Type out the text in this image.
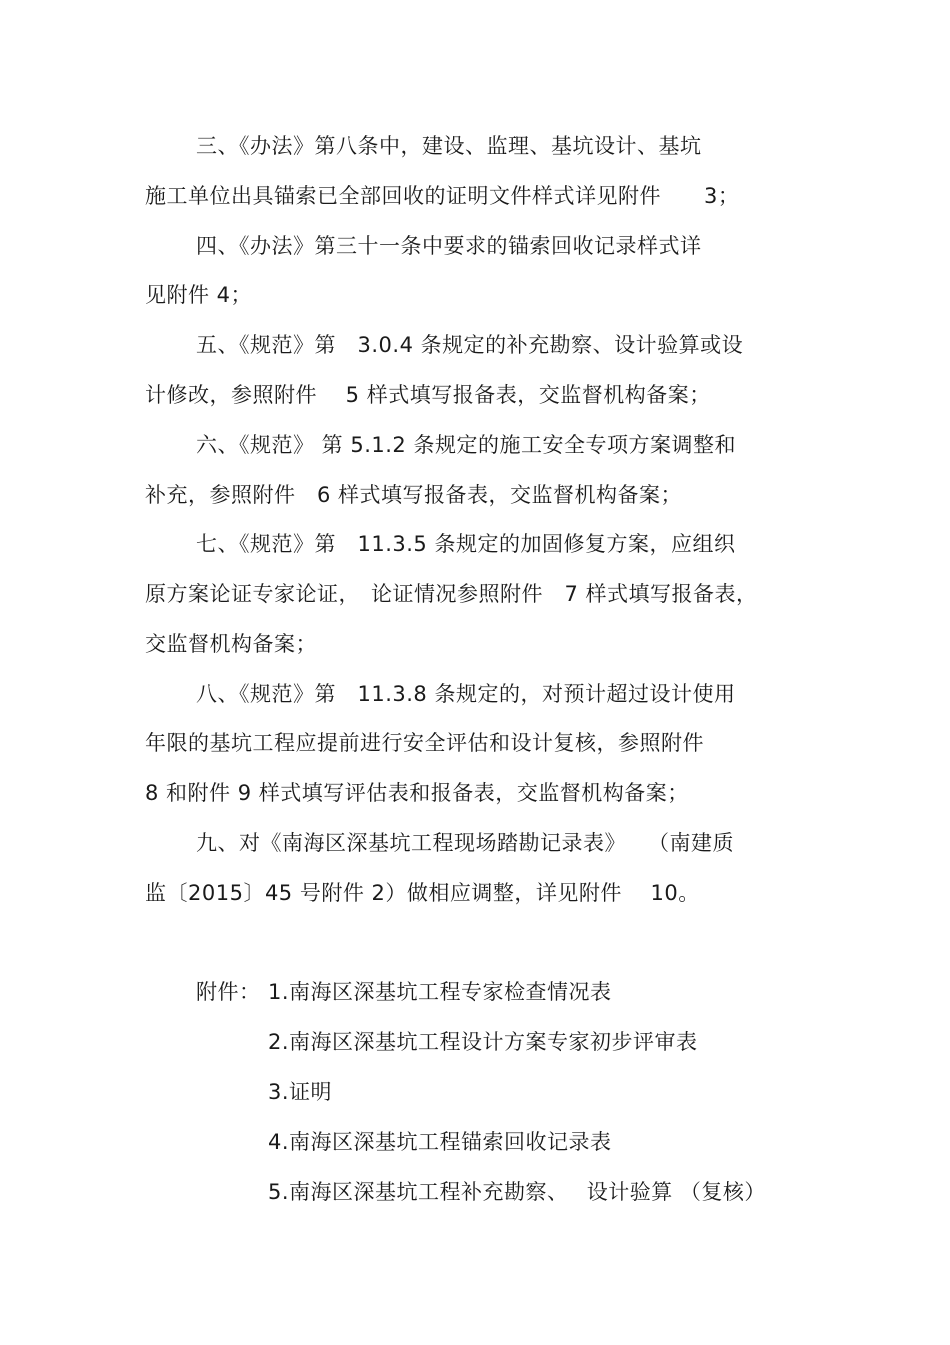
三、《办法》第八条中，建设、监理、基坑设计、基坑
施工单位出具锚索已全部回收的证明文件样式详见附件　　3；
四、《办法》第三十一条中要求的锚索回收记录样式详
见附件 4；
五、《规范》第　3.0.4 条规定的补充勘察、设计验算或设
计修改，参照附件　 5 样式填写报备表，交监督机构备案；
六、《规范》 第 5.1.2 条规定的施工安全专项方案调整和
补充，参照附件　6 样式填写报备表，交监督机构备案；
七、《规范》第　11.3.5 条规定的加固修复方案，应组织
原方案论证专家论证，　论证情况参照附件　7 样式填写报备表，
交监督机构备案；
八、《规范》第　11.3.8 条规定的，对预计超过设计使用
年限的基坑工程应提前进行安全评估和设计复核，参照附件
8 和附件 9 样式填写评估表和报备表，交监督机构备案；
九、对《南海区深基坑工程现场踏勘记录表》　　（南建质
监〔2015〕45 号附件 2）做相应调整，详见附件　 10。
附件： 1.南海区深基坑工程专家检查情况表
2.南海区深基坑工程设计方案专家初步评审表
3.证明
4.南海区深基坑工程锚索回收记录表
5.南海区深基坑工程补充勘察、　 设计验算 （复核）
